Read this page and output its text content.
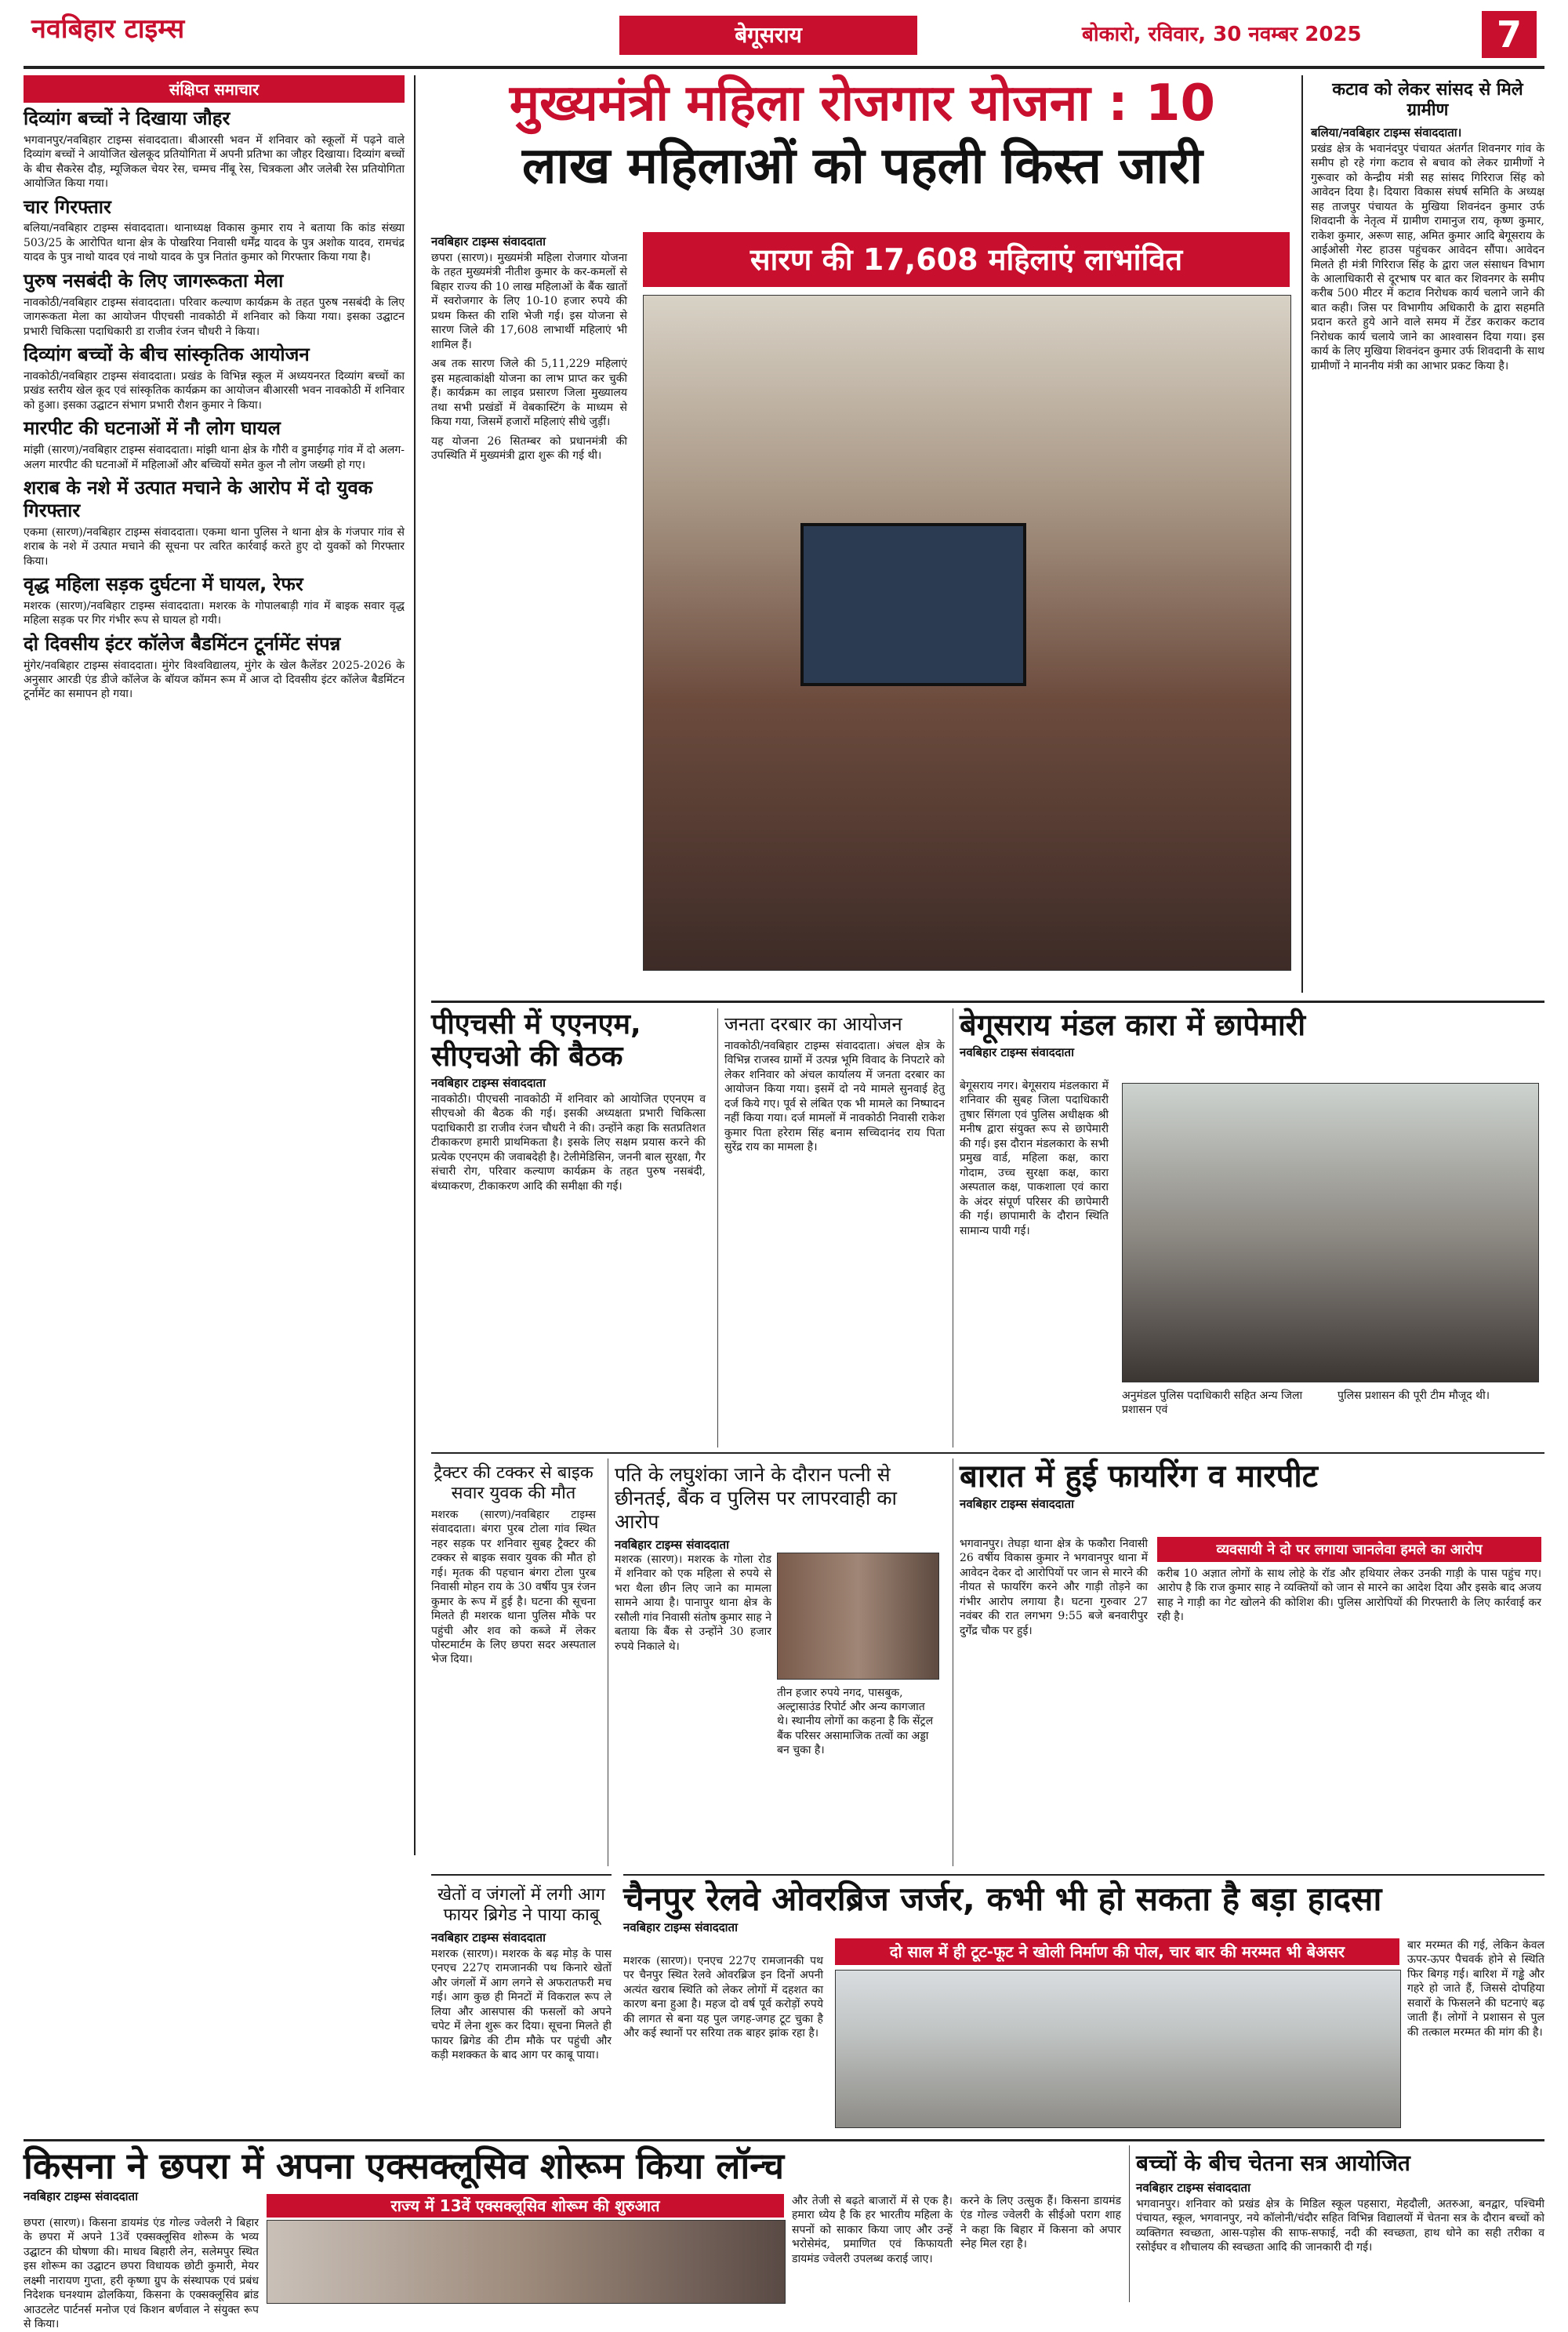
नवबिहार टाइम्स	बेगूसराय	बोकारो, रविवार, 30 नवम्बर 2025	7
संक्षिप्त समाचार
दिव्यांग बच्चों ने दिखाया जौहर

भगवानपुर/नवबिहार टाइम्स संवाददाता। बीआरसी भवन में शनिवार को स्कूलों में पढ़ने वाले दिव्यांग बच्चों ने आयोजित खेलकूद प्रतियोगिता में अपनी प्रतिभा का जौहर दिखाया। दिव्यांग बच्चों के बीच सैकरेस दौड़, म्यूजिकल चेयर रेस, चम्मच नींबू रेस, चित्रकला और जलेबी रेस प्रतियोगिता आयोजित किया गया।

चार गिरफ्तार

बलिया/नवबिहार टाइम्स संवाददाता। थानाध्यक्ष विकास कुमार राय ने बताया कि कांड संख्या 503/25 के आरोपित थाना क्षेत्र के पोखरिया निवासी धर्मेंद्र यादव के पुत्र अशोक यादव, रामचंद्र यादव के पुत्र नाथो यादव एवं नाथो यादव के पुत्र नितांत कुमार को गिरफ्तार किया गया है।

पुरुष नसबंदी के लिए जागरूकता मेला

नावकोठी/नवबिहार टाइम्स संवाददाता। परिवार कल्याण कार्यक्रम के तहत पुरुष नसबंदी के लिए जागरूकता मेला का आयोजन पीएचसी नावकोठी में शनिवार को किया गया। इसका उद्घाटन प्रभारी चिकित्सा पदाधिकारी डा राजीव रंजन चौधरी ने किया।

दिव्यांग बच्चों के बीच सांस्कृतिक आयोजन

नावकोठी/नवबिहार टाइम्स संवाददाता। प्रखंड के विभिन्न स्कूल में अध्ययनरत दिव्यांग बच्चों का प्रखंड स्तरीय खेल कूद एवं सांस्कृतिक कार्यक्रम का आयोजन बीआरसी भवन नावकोठी में शनिवार को हुआ। इसका उद्घाटन संभाग प्रभारी रौशन कुमार ने किया।

मारपीट की घटनाओं में नौ लोग घायल

मांझी (सारण)/नवबिहार टाइम्स संवाददाता। मांझी थाना क्षेत्र के गौरी व डुमाईगढ़ गांव में दो अलग-अलग मारपीट की घटनाओं में महिलाओं और बच्चियों समेत कुल नौ लोग जख्मी हो गए।

शराब के नशे में उत्पात मचाने के आरोप में दो युवक गिरफ्तार

एकमा (सारण)/नवबिहार टाइम्स संवाददाता। एकमा थाना पुलिस ने थाना क्षेत्र के गंजपार गांव से शराब के नशे में उत्पात मचाने की सूचना पर त्वरित कार्रवाई करते हुए दो युवकों को गिरफ्तार किया।

वृद्ध महिला सड़क दुर्घटना में घायल, रेफर

मशरक (सारण)/नवबिहार टाइम्स संवाददाता। मशरक के गोपालबाड़ी गांव में बाइक सवार वृद्ध महिला सड़क पर गिर गंभीर रूप से घायल हो गयी।

दो दिवसीय इंटर कॉलेज बैडमिंटन टूर्नामेंट संपन्न

मुंगेर/नवबिहार टाइम्स संवाददाता। मुंगेर विश्वविद्यालय, मुंगेर के खेल कैलेंडर 2025-2026 के अनुसार आरडी एंड डीजे कॉलेज के बॉयज कॉमन रूम में आज दो दिवसीय इंटर कॉलेज बैडमिंटन टूर्नामेंट का समापन हो गया।

मुख्यमंत्री महिला रोजगार योजना : 10
लाख महिलाओं को पहली किस्त जारी
नवबिहार टाइम्स संवाददाता

छपरा (सारण)। मुख्यमंत्री महिला रोजगार योजना के तहत मुख्यमंत्री नीतीश कुमार के कर-कमलों से बिहार राज्य की 10 लाख महिलाओं के बैंक खातों में स्वरोजगार के लिए 10-10 हजार रुपये की प्रथम किस्त की राशि भेजी गई। इस योजना से सारण जिले की 17,608 लाभार्थी महिलाएं भी शामिल हैं।

अब तक सारण जिले की 5,11,229 महिलाएं इस महत्वाकांक्षी योजना का लाभ प्राप्त कर चुकी हैं। कार्यक्रम का लाइव प्रसारण जिला मुख्यालय तथा सभी प्रखंडों में वेबकास्टिंग के माध्यम से किया गया, जिसमें हजारों महिलाएं सीधे जुड़ीं।

यह योजना 26 सितम्बर को प्रधानमंत्री की उपस्थिति में मुख्यमंत्री द्वारा शुरू की गई थी।

सारण की 17,608 महिलाएं लाभांवित
कटाव को लेकर सांसद से मिले ग्रामीण
बलिया/नवबिहार टाइम्स संवाददाता।

प्रखंड क्षेत्र के भवानंदपुर पंचायत अंतर्गत शिवनगर गांव के समीप हो रहे गंगा कटाव से बचाव को लेकर ग्रामीणों ने गुरूवार को केन्द्रीय मंत्री सह सांसद गिरिराज सिंह को आवेदन दिया है। दियारा विकास संघर्ष समिति के अध्यक्ष सह ताजपुर पंचायत के मुखिया शिवनंदन कुमार उर्फ शिवदानी के नेतृत्व में ग्रामीण रामानुज राय, कृष्ण कुमार, राकेश कुमार, अरूण साह, अमित कुमार आदि बेगूसराय के आईओसी गेस्ट हाउस पहुंचकर आवेदन सौंपा। आवेदन मिलते ही मंत्री गिरिराज सिंह के द्वारा जल संसाधन विभाग के आलाधिकारी से दूरभाष पर बात कर शिवनगर के समीप करीब 500 मीटर में कटाव निरोधक कार्य चलाने जाने की बात कही। जिस पर विभागीय अधिकारी के द्वारा सहमति प्रदान करते हुये आने वाले समय में टेंडर कराकर कटाव निरोधक कार्य चलाये जाने का आश्वासन दिया गया। इस कार्य के लिए मुखिया शिवनंदन कुमार उर्फ शिवदानी के साथ ग्रामीणों ने माननीय मंत्री का आभार प्रकट किया है।

पीएचसी में एएनएम, सीएचओ की बैठक
नवबिहार टाइम्स संवाददाता

नावकोठी। पीएचसी नावकोठी में शनिवार को आयोजित एएनएम व सीएचओ की बैठक की गई। इसकी अध्यक्षता प्रभारी चिकित्सा पदाधिकारी डा राजीव रंजन चौधरी ने की। उन्होंने कहा कि सतप्रतिशत टीकाकरण हमारी प्राथमिकता है। इसके लिए सक्षम प्रयास करने की प्रत्येक एएनएम की जवाबदेही है। टेलीमेडिसिन, जननी बाल सुरक्षा, गैर संचारी रोग, परिवार कल्याण कार्यक्रम के तहत पुरुष नसबंदी, बंध्याकरण, टीकाकरण आदि की समीक्षा की गई।

जनता दरबार का आयोजन

नावकोठी/नवबिहार टाइम्स संवाददाता। अंचल क्षेत्र के विभिन्न राजस्व ग्रामों में उत्पन्न भूमि विवाद के निपटारे को लेकर शनिवार को अंचल कार्यालय में जनता दरबार का आयोजन किया गया। इसमें दो नये मामले सुनवाई हेतु दर्ज किये गए। पूर्व से लंबित एक भी मामले का निष्पादन नहीं किया गया। दर्ज मामलों में नावकोठी निवासी राकेश कुमार पिता हरेराम सिंह बनाम सच्चिदानंद राय पिता सुरेंद्र राय का मामला है।

बेगूसराय मंडल कारा में छापेमारी
नवबिहार टाइम्स संवाददाता

बेगूसराय नगर। बेगूसराय मंडलकारा में शनिवार की सुबह जिला पदाधिकारी तुषार सिंगला एवं पुलिस अधीक्षक श्री मनीष द्वारा संयुक्त रूप से छापेमारी की गई। इस दौरान मंडलकारा के सभी प्रमुख वार्ड, महिला कक्ष, कारा गोदाम, उच्च सुरक्षा कक्ष, कारा अस्पताल कक्ष, पाकशाला एवं कारा के अंदर संपूर्ण परिसर की छापेमारी की गई। छापामारी के दौरान स्थिति सामान्य पायी गई।

अनुमंडल पुलिस पदाधिकारी सहित अन्य जिला प्रशासन एवं
पुलिस प्रशासन की पूरी टीम मौजूद थी।
ट्रैक्टर की टक्कर से बाइक सवार युवक की मौत

मशरक (सारण)/नवबिहार टाइम्स संवाददाता। बंगरा पुरब टोला गांव स्थित नहर सड़क पर शनिवार सुबह ट्रैक्टर की टक्कर से बाइक सवार युवक की मौत हो गई। मृतक की पहचान बंगरा टोला पुरब निवासी मोहन राय के 30 वर्षीय पुत्र रंजन कुमार के रूप में हुई है। घटना की सूचना मिलते ही मशरक थाना पुलिस मौके पर पहुंची और शव को कब्जे में लेकर पोस्टमार्टम के लिए छपरा सदर अस्पताल भेज दिया।

पति के लघुशंका जाने के दौरान पत्नी से छीनतई, बैंक व पुलिस पर लापरवाही का आरोप
नवबिहार टाइम्स संवाददाता

मशरक (सारण)। मशरक के गोला रोड में शनिवार को एक महिला से रुपये से भरा थैला छीन लिए जाने का मामला सामने आया है। पानापुर थाना क्षेत्र के रसौली गांव निवासी संतोष कुमार साह ने बताया कि बैंक से उन्होंने 30 हजार रुपये निकाले थे।

तीन हजार रुपये नगद, पासबुक, अल्ट्रासाउंड रिपोर्ट और अन्य कागजात थे। स्थानीय लोगों का कहना है कि सेंट्रल बैंक परिसर असामाजिक तत्वों का अड्डा बन चुका है।
बारात में हुई फायरिंग व मारपीट
नवबिहार टाइम्स संवाददाता

भगवानपुर। तेघड़ा थाना क्षेत्र के फकौरा निवासी 26 वर्षीय विकास कुमार ने भगवानपुर थाना में आवेदन देकर दो आरोपियों पर जान से मारने की नीयत से फायरिंग करने और गाड़ी तोड़ने का गंभीर आरोप लगाया है। घटना गुरुवार 27 नवंबर की रात लगभग 9:55 बजे बनवारीपुर दुर्गेंद्र चौक पर हुई।

व्यवसायी ने दो पर लगाया जानलेवा हमले का आरोप

करीब 10 अज्ञात लोगों के साथ लोहे के रॉड और हथियार लेकर उनकी गाड़ी के पास पहुंच गए। आरोप है कि राज कुमार साह ने व्यक्तियों को जान से मारने का आदेश दिया और इसके बाद अजय साह ने गाड़ी का गेट खोलने की कोशिश की। पुलिस आरोपियों की गिरफ्तारी के लिए कार्रवाई कर रही है।

खेतों व जंगलों में लगी आग फायर ब्रिगेड ने पाया काबू
नवबिहार टाइम्स संवाददाता

मशरक (सारण)। मशरक के बढ़ मोड़ के पास एनएच 227ए रामजानकी पथ किनारे खेतों और जंगलों में आग लगने से अफरातफरी मच गई। आग कुछ ही मिनटों में विकराल रूप ले लिया और आसपास की फसलों को अपने चपेट में लेना शुरू कर दिया। सूचना मिलते ही फायर ब्रिगेड की टीम मौके पर पहुंची और कड़ी मशक्कत के बाद आग पर काबू पाया।

चैनपुर रेलवे ओवरब्रिज जर्जर, कभी भी हो सकता है बड़ा हादसा
नवबिहार टाइम्स संवाददाता

मशरक (सारण)। एनएच 227ए रामजानकी पथ पर चैनपुर स्थित रेलवे ओवरब्रिज इन दिनों अपनी अत्यंत खराब स्थिति को लेकर लोगों में दहशत का कारण बना हुआ है। महज दो वर्ष पूर्व करोड़ों रुपये की लागत से बना यह पुल जगह-जगह टूट चुका है और कई स्थानों पर सरिया तक बाहर झांक रहा है।

दो साल में ही टूट-फूट ने खोली निर्माण की पोल, चार बार की मरम्मत भी बेअसर	बार मरम्मत की गई, लेकिन केवल ऊपर-ऊपर पैचवर्क होने से स्थिति फिर बिगड़ गई। बारिश में गड्ढे और गहरे हो जाते हैं, जिससे दोपहिया सवारों के फिसलने की घटनाएं बढ़ जाती हैं। लोगों ने प्रशासन से पुल की तत्काल मरम्मत की मांग की है।

किसना ने छपरा में अपना एक्सक्लूसिव शोरूम किया लॉन्च
नवबिहार टाइम्स संवाददाता

छपरा (सारण)। किसना डायमंड एंड गोल्ड ज्वेलरी ने बिहार के छपरा में अपने 13वें एक्सक्लूसिव शोरूम के भव्य उद्घाटन की घोषणा की। माधव बिहारी लेन, सलेमपुर स्थित इस शोरूम का उद्घाटन छपरा विधायक छोटी कुमारी, मेयर लक्ष्मी नारायण गुप्ता, हरी कृष्णा ग्रुप के संस्थापक एवं प्रबंध निदेशक घनश्याम ढोलकिया, किसना के एक्सक्लूसिव ब्रांड आउटलेट पार्टनर्स मनोज एवं किशन बर्णवाल ने संयुक्त रूप से किया।

राज्य में 13वें एक्सक्लूसिव शोरूम की शुरुआत	और तेजी से बढ़ते बाजारों में से एक है। हमारा ध्येय है कि हर भारतीय महिला के सपनों को साकार किया जाए और उन्हें भरोसेमंद, प्रमाणित एवं किफायती डायमंड ज्वेलरी उपलब्ध कराई जाए।

करने के लिए उत्सुक हैं। किसना डायमंड एंड गोल्ड ज्वेलरी के सीईओ पराग शाह ने कहा कि बिहार में किसना को अपार स्नेह मिल रहा है।

बच्चों के बीच चेतना सत्र आयोजित
नवबिहार टाइम्स संवाददाता

भगवानपुर। शनिवार को प्रखंड क्षेत्र के मिडिल स्कूल पहसारा, मेहदौली, अतरुआ, बनद्वार, पश्चिमी पंचायत, स्कूल, भगवानपुर, नये कॉलोनी/चंदौर सहित विभिन्न विद्यालयों में चेतना सत्र के दौरान बच्चों को व्यक्तिगत स्वच्छता, आस-पड़ोस की साफ-सफाई, नदी की स्वच्छता, हाथ धोने का सही तरीका व रसोईघर व शौचालय की स्वच्छता आदि की जानकारी दी गई।
